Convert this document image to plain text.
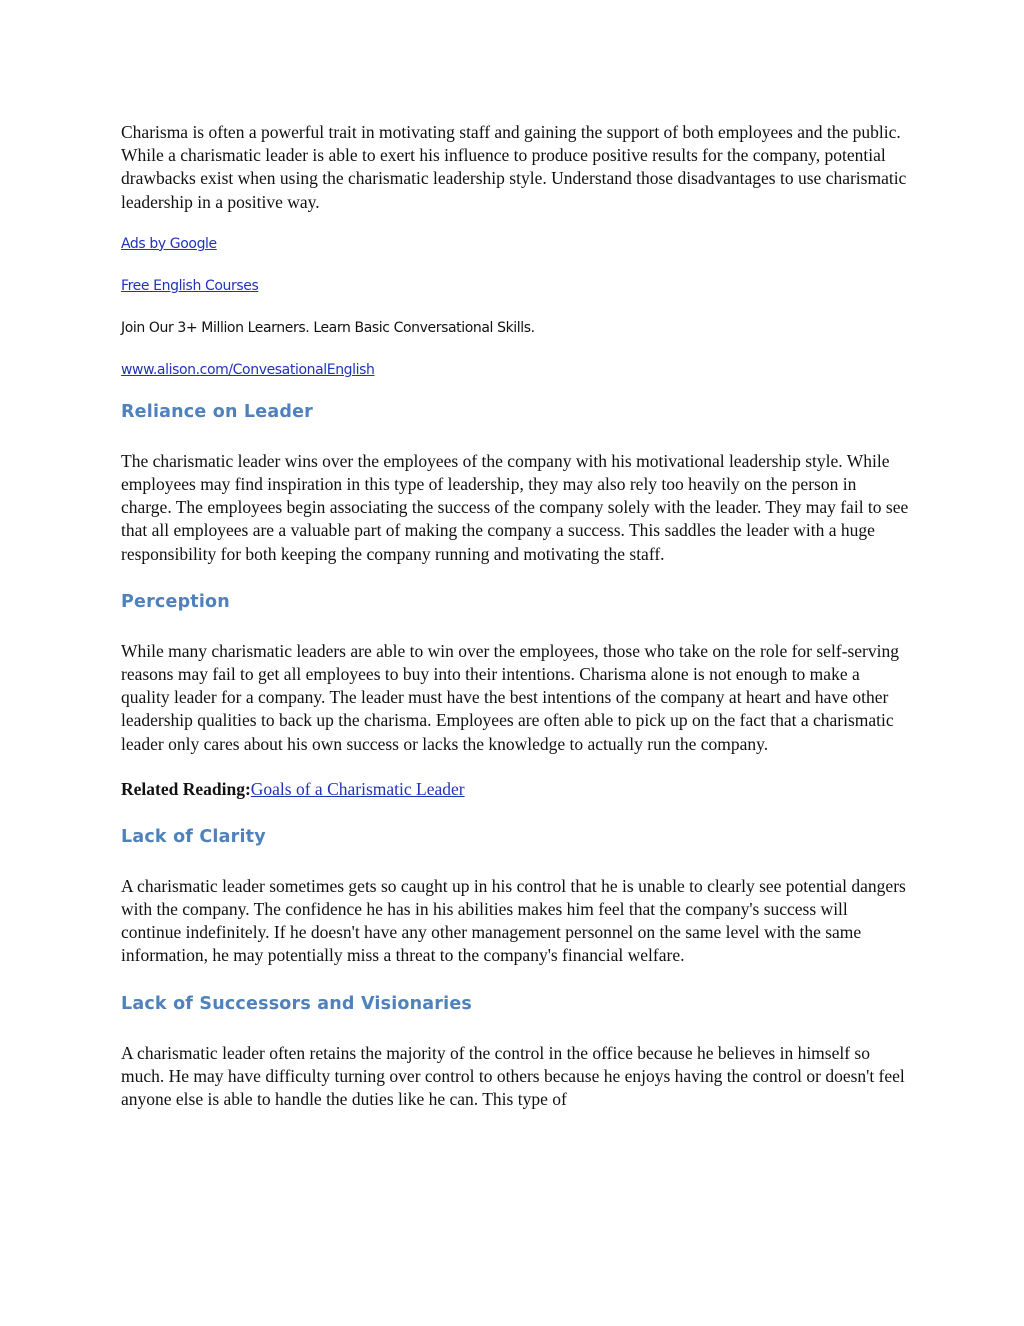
Charisma is often a powerful trait in motivating staff and gaining the support of both employees and the public. While a charismatic leader is able to exert his influence to produce positive results for the company, potential drawbacks exist when using the charismatic leadership style. Understand those disadvantages to use charismatic leadership in a positive way.

Ads by Google

Free English Courses

Join Our 3+ Million Learners. Learn Basic Conversational Skills.

www.alison.com/ConvesationalEnglish

Reliance on Leader

The charismatic leader wins over the employees of the company with his motivational leadership style. While employees may find inspiration in this type of leadership, they may also rely too heavily on the person in charge. The employees begin associating the success of the company solely with the leader. They may fail to see that all employees are a valuable part of making the company a success. This saddles the leader with a huge responsibility for both keeping the company running and motivating the staff.

Perception

While many charismatic leaders are able to win over the employees, those who take on the role for self-serving reasons may fail to get all employees to buy into their intentions. Charisma alone is not enough to make a quality leader for a company. The leader must have the best intentions of the company at heart and have other leadership qualities to back up the charisma. Employees are often able to pick up on the fact that a charismatic leader only cares about his own success or lacks the knowledge to actually run the company.

Related Reading:Goals of a Charismatic Leader

Lack of Clarity

A charismatic leader sometimes gets so caught up in his control that he is unable to clearly see potential dangers with the company. The confidence he has in his abilities makes him feel that the company's success will continue indefinitely. If he doesn't have any other management personnel on the same level with the same information, he may potentially miss a threat to the company's financial welfare.

Lack of Successors and Visionaries

A charismatic leader often retains the majority of the control in the office because he believes in himself so much. He may have difficulty turning over control to others because he enjoys having the control or doesn't feel anyone else is able to handle the duties like he can. This type of
